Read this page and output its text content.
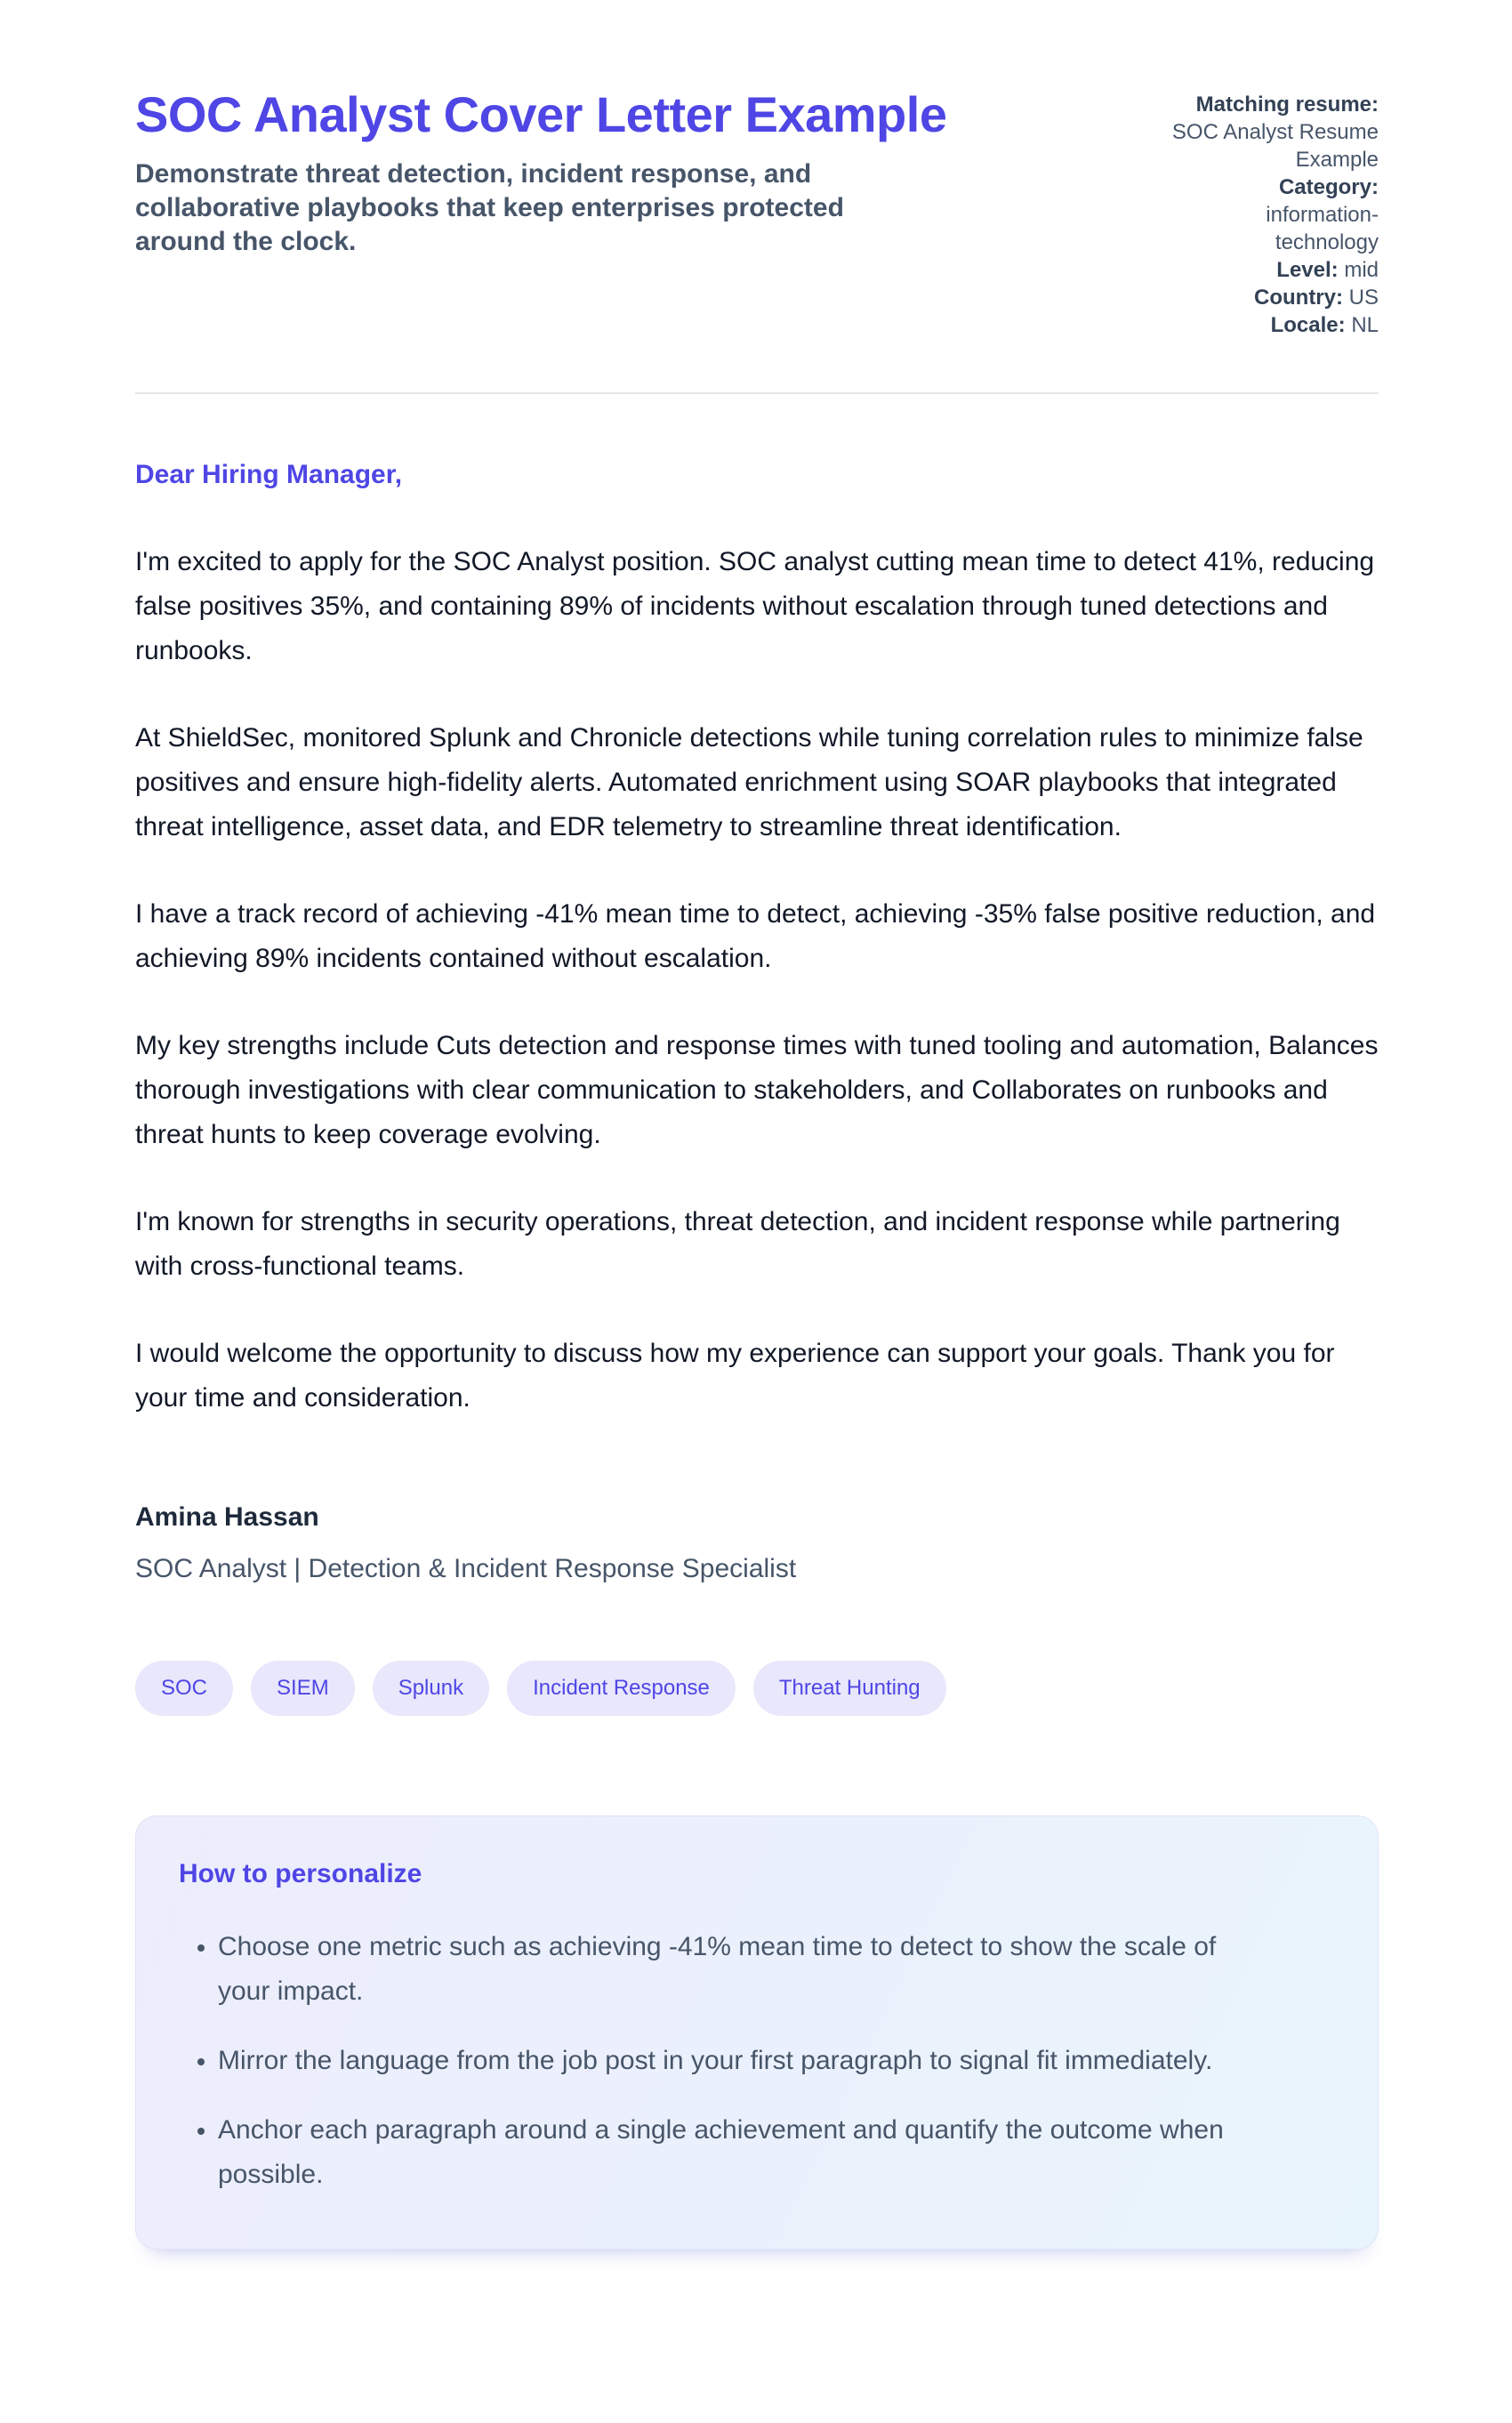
SOC Analyst Cover Letter Example

Demonstrate threat detection, incident response, and collaborative playbooks that keep enterprises protected around the clock.

Matching resume: SOC Analyst Resume Example
Category: information-technology
Level: mid
Country: US
Locale: NL

Dear Hiring Manager,

I'm excited to apply for the SOC Analyst position. SOC analyst cutting mean time to detect 41%, reducing false positives 35%, and containing 89% of incidents without escalation through tuned detections and runbooks.

At ShieldSec, monitored Splunk and Chronicle detections while tuning correlation rules to minimize false positives and ensure high-fidelity alerts. Automated enrichment using SOAR playbooks that integrated threat intelligence, asset data, and EDR telemetry to streamline threat identification.

I have a track record of achieving -41% mean time to detect, achieving -35% false positive reduction, and achieving 89% incidents contained without escalation.

My key strengths include Cuts detection and response times with tuned tooling and automation, Balances thorough investigations with clear communication to stakeholders, and Collaborates on runbooks and threat hunts to keep coverage evolving.

I'm known for strengths in security operations, threat detection, and incident response while partnering with cross-functional teams.

I would welcome the opportunity to discuss how my experience can support your goals. Thank you for your time and consideration.

Amina Hassan

SOC Analyst | Detection & Incident Response Specialist

SOC	SIEM	Splunk	Incident Response	Threat Hunting
How to personalize
• Choose one metric such as achieving -41% mean time to detect to show the scale of your impact.
• Mirror the language from the job post in your first paragraph to signal fit immediately.
• Anchor each paragraph around a single achievement and quantify the outcome when possible.
